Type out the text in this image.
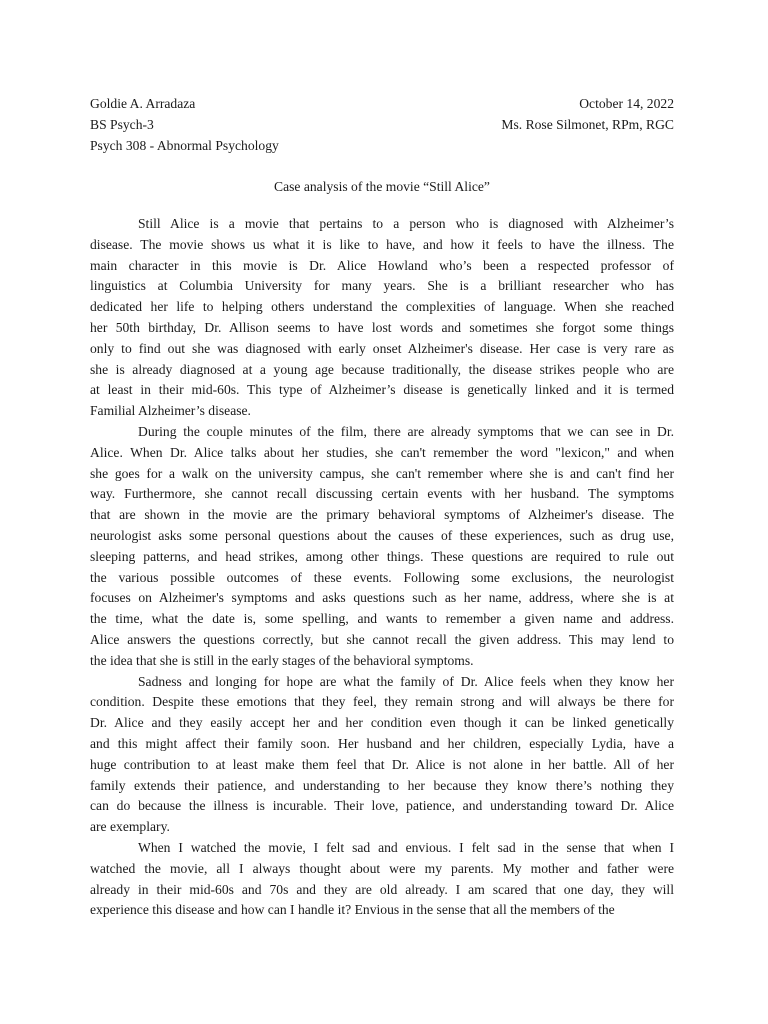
Goldie A. Arradaza	October 14, 2022
BS Psych-3	Ms. Rose Silmonet, RPm, RGC
Psych 308 - Abnormal Psychology
Case analysis of the movie “Still Alice”
Still Alice is a movie that pertains to a person who is diagnosed with Alzheimer’s
disease. The movie shows us what it is like to have, and how it feels to have the illness. The
main character in this movie is Dr. Alice Howland who’s been a respected professor of
linguistics at Columbia University for many years. She is a brilliant researcher who has
dedicated her life to helping others understand the complexities of language. When she reached
her 50th birthday, Dr. Allison seems to have lost words and sometimes she forgot some things
only to find out she was diagnosed with early onset Alzheimer's disease. Her case is very rare as
she is already diagnosed at a young age because traditionally, the disease strikes people who are
at least in their mid-60s. This type of Alzheimer’s disease is genetically linked and it is termed
Familial Alzheimer’s disease.
During the couple minutes of the film, there are already symptoms that we can see in Dr.
Alice. When Dr. Alice talks about her studies, she can't remember the word "lexicon," and when
she goes for a walk on the university campus, she can't remember where she is and can't find her
way. Furthermore, she cannot recall discussing certain events with her husband. The symptoms
that are shown in the movie are the primary behavioral symptoms of Alzheimer's disease. The
neurologist asks some personal questions about the causes of these experiences, such as drug use,
sleeping patterns, and head strikes, among other things. These questions are required to rule out
the various possible outcomes of these events. Following some exclusions, the neurologist
focuses on Alzheimer's symptoms and asks questions such as her name, address, where she is at
the time, what the date is, some spelling, and wants to remember a given name and address.
Alice answers the questions correctly, but she cannot recall the given address. This may lend to
the idea that she is still in the early stages of the behavioral symptoms.
Sadness and longing for hope are what the family of Dr. Alice feels when they know her
condition. Despite these emotions that they feel, they remain strong and will always be there for
Dr. Alice and they easily accept her and her condition even though it can be linked genetically
and this might affect their family soon. Her husband and her children, especially Lydia, have a
huge contribution to at least make them feel that Dr. Alice is not alone in her battle. All of her
family extends their patience, and understanding to her because they know there’s nothing they
can do because the illness is incurable. Their love, patience, and understanding toward Dr. Alice
are exemplary.
When I watched the movie, I felt sad and envious. I felt sad in the sense that when I
watched the movie, all I always thought about were my parents. My mother and father were
already in their mid-60s and 70s and they are old already. I am scared that one day, they will
experience this disease and how can I handle it? Envious in the sense that all the members of the
